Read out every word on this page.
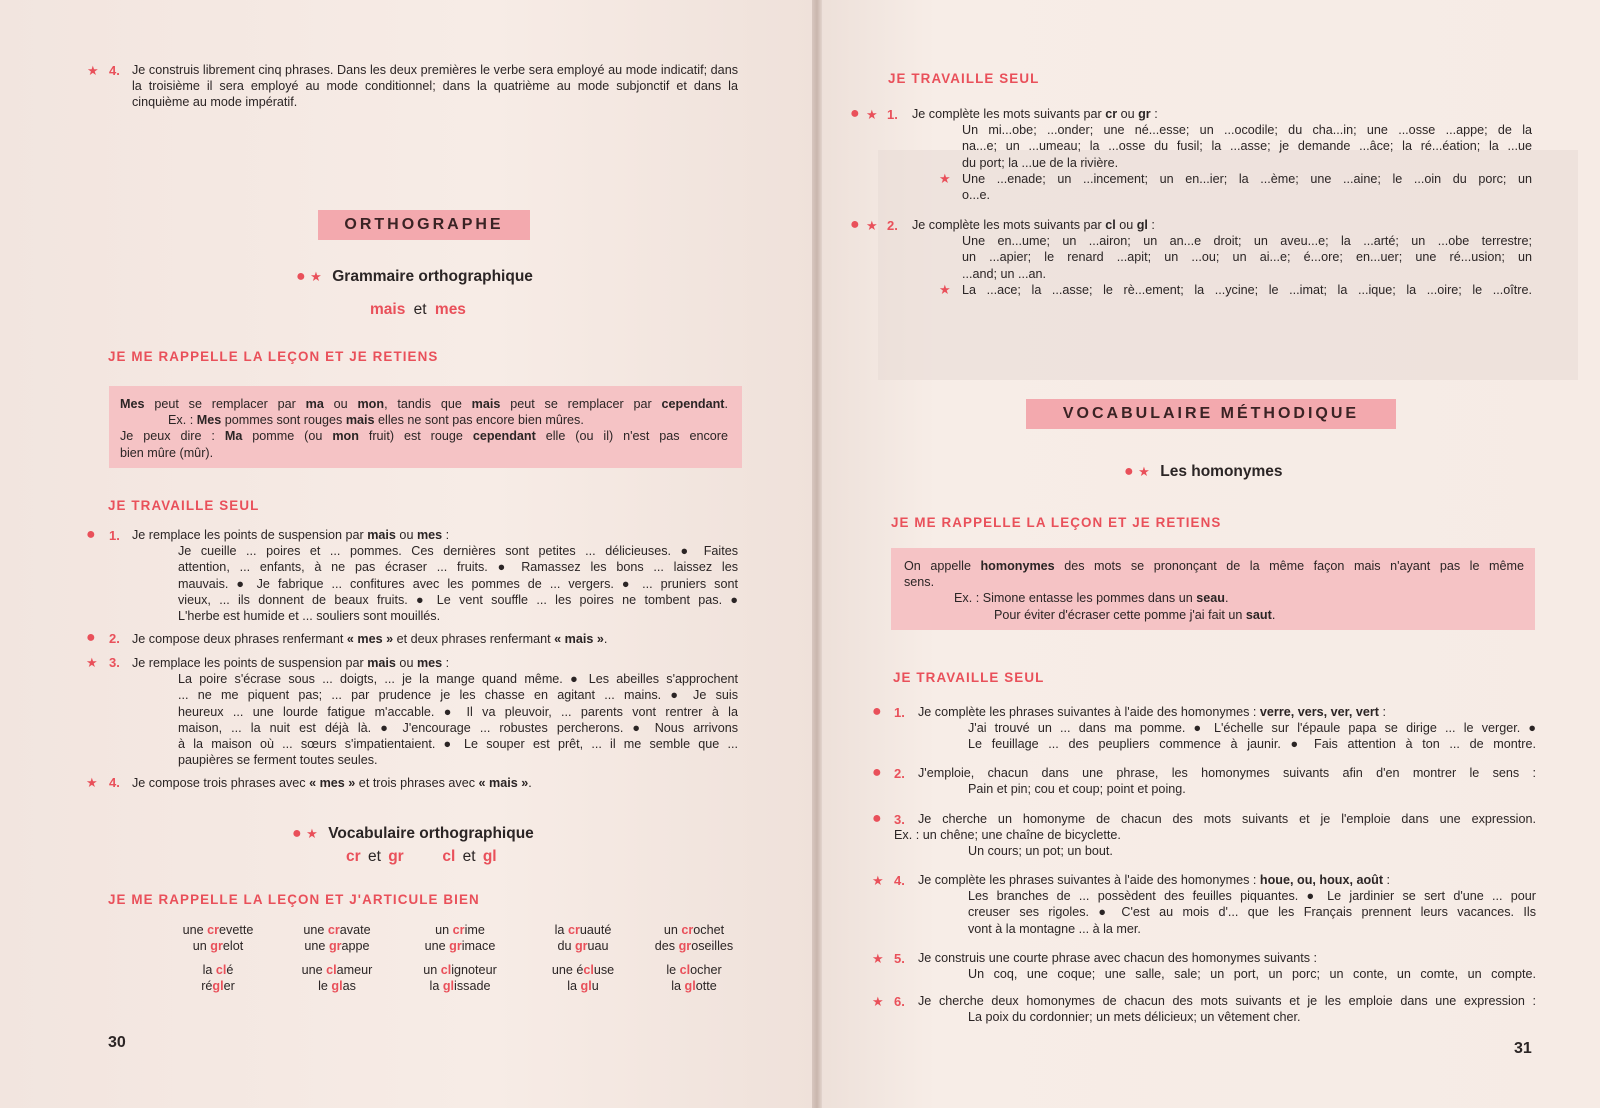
★ 4. Je construis librement cinq phrases. Dans les deux premières le verbe sera employé au mode indicatif; dans la troisième il sera employé au mode conditionnel; dans la quatrième au mode subjonctif et dans la cinquième au mode impératif.
ORTHOGRAPHE
● ★ Grammaire orthographique
mais et mes
JE ME RAPPELLE LA LEÇON ET JE RETIENS
Mes peut se remplacer par ma ou mon, tandis que mais peut se remplacer par cependant.
Ex. : Mes pommes sont rouges mais elles ne sont pas encore bien mûres.
Je peux dire : Ma pomme (ou mon fruit) est rouge cependant elle (ou il) n'est pas encore
bien mûre (mûr).
JE TRAVAILLE SEUL
● 1. Je remplace les points de suspension par mais ou mes :
Je cueille ... poires et ... pommes. Ces dernières sont petites ... délicieuses. ● Faites
attention, ... enfants, à ne pas écraser ... fruits. ● Ramassez les bons ... laissez les
mauvais. ● Je fabrique ... confitures avec les pommes de ... vergers. ● ... pruniers sont
vieux, ... ils donnent de beaux fruits. ● Le vent souffle ... les poires ne tombent pas. ●
L'herbe est humide et ... souliers sont mouillés.
● 2. Je compose deux phrases renfermant « mes » et deux phrases renfermant « mais ».
★ 3. Je remplace les points de suspension par mais ou mes :
La poire s'écrase sous ... doigts, ... je la mange quand même. ● Les abeilles s'approchent
... ne me piquent pas; ... par prudence je les chasse en agitant ... mains. ● Je suis
heureux ... une lourde fatigue m'accable. ● Il va pleuvoir, ... parents vont rentrer à la
maison, ... la nuit est déjà là. ● J'encourage ... robustes percherons. ● Nous arrivons
à la maison où ... sœurs s'impatientaient. ● Le souper est prêt, ... il me semble que ...
paupières se ferment toutes seules.
★ 4. Je compose trois phrases avec « mes » et trois phrases avec « mais ».
● ★ Vocabulaire orthographique
cr et gr cl et gl
JE ME RAPPELLE LA LEÇON ET J'ARTICULE BIEN
une crevette
un grelot
la clé
régler
une cravate
une grappe
une clameur
le glas
un crime
une grimace
un clignoteur
la glissade
la cruauté
du gruau
une écluse
la glu
un crochet
des groseilles
le clocher
la glotte
30
JE TRAVAILLE SEUL
● ★ 1. Je complète les mots suivants par cr ou gr :
Un mi...obe; ...onder; une né...esse; un ...ocodile; du cha...in; une ...osse ...appe; de la
na...e; un ...umeau; la ...osse du fusil; la ...asse; je demande ...âce; la ré...éation; la ...ue
du port; la ...ue de la rivière.
Une ...enade; un ...incement; un en...ier; la ...ème; une ...aine; le ...oin du porc; un
o...e.
★
● ★ 2. Je complète les mots suivants par cl ou gl :
Une en...ume; un ...airon; un an...e droit; un aveu...e; la ...arté; un ...obe terrestre;
un ...apier; le renard ...apit; un ...ou; un ai...e; é...ore; en...uer; une ré...usion; un
...and; un ...an.
La ...ace; la ...asse; le rè...ement; la ...ycine; le ...imat; la ...ique; la ...oire; le ...oître.
★
VOCABULAIRE MÉTHODIQUE
● ★ Les homonymes
JE ME RAPPELLE LA LEÇON ET JE RETIENS
On appelle homonymes des mots se prononçant de la même façon mais n'ayant pas le même
sens.
Ex. : Simone entasse les pommes dans un seau.
Pour éviter d'écraser cette pomme j'ai fait un saut.
JE TRAVAILLE SEUL
● 1. Je complète les phrases suivantes à l'aide des homonymes : verre, vers, ver, vert :
J'ai trouvé un ... dans ma pomme. ● L'échelle sur l'épaule papa se dirige ... le verger. ●
Le feuillage ... des peupliers commence à jaunir. ● Fais attention à ton ... de montre.
● 2. J'emploie, chacun dans une phrase, les homonymes suivants afin d'en montrer le sens :
Pain et pin; cou et coup; point et poing.
● 3. Je cherche un homonyme de chacun des mots suivants et je l'emploie dans une expression.
Ex. : un chêne; une chaîne de bicyclette.
Un cours; un pot; un bout.
★ 4. Je complète les phrases suivantes à l'aide des homonymes : houe, ou, houx, août :
Les branches de ... possèdent des feuilles piquantes. ● Le jardinier se sert d'une ... pour
creuser ses rigoles. ● C'est au mois d'... que les Français prennent leurs vacances. Ils
vont à la montagne ... à la mer.
★ 5. Je construis une courte phrase avec chacun des homonymes suivants :
Un coq, une coque; une salle, sale; un port, un porc; un conte, un comte, un compte.
★ 6. Je cherche deux homonymes de chacun des mots suivants et je les emploie dans une expression :
La poix du cordonnier; un mets délicieux; un vêtement cher.
31
